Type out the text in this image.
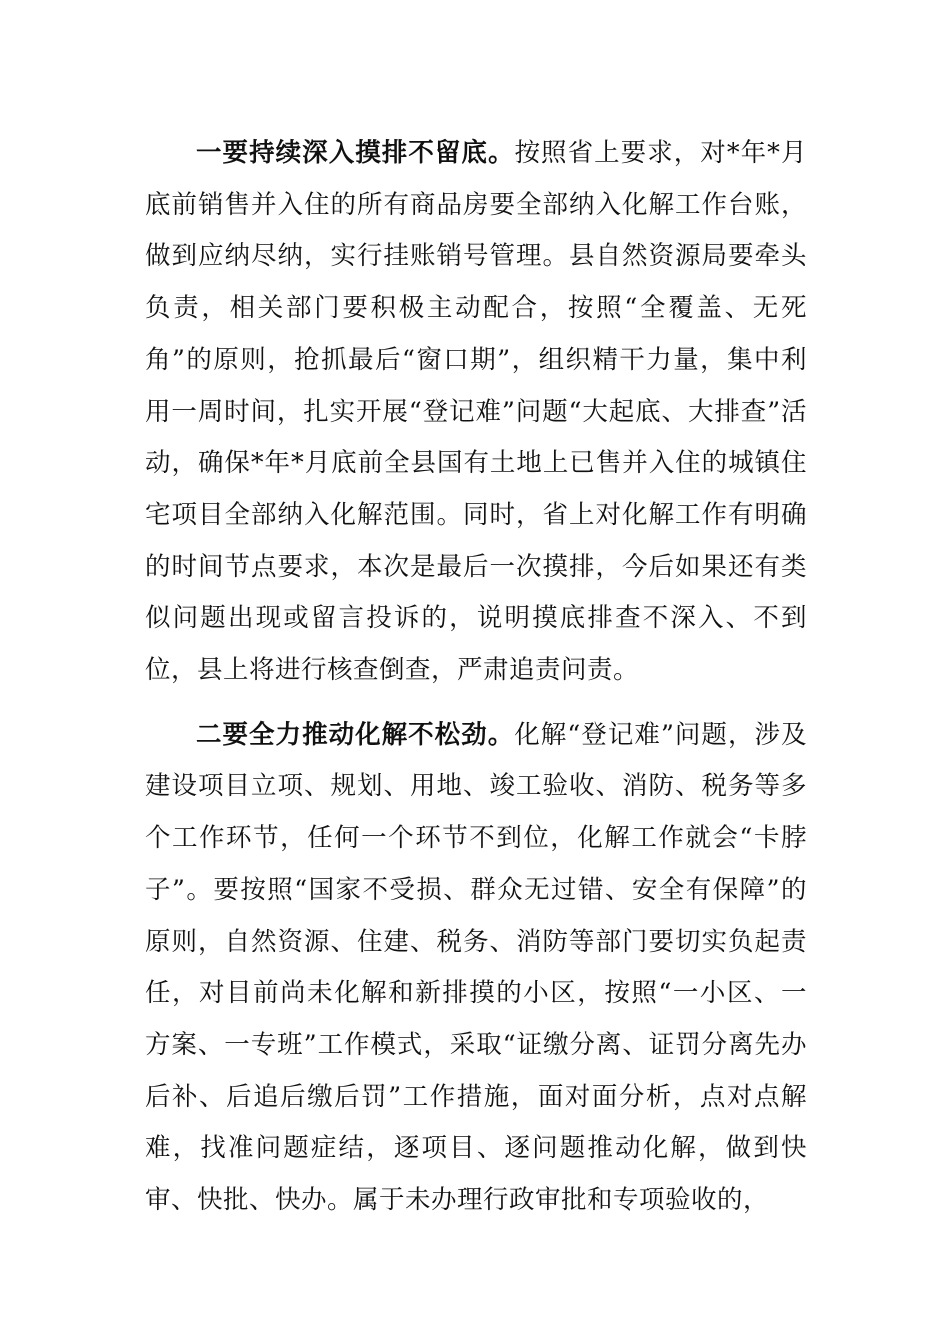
一要持续深入摸排不留底。按照省上要求，对*年*月底前销售并入住的所有商品房要全部纳入化解工作台账，做到应纳尽纳，实行挂账销号管理。县自然资源局要牵头负责，相关部门要积极主动配合，按照“全覆盖、无死角”的原则，抢抓最后“窗口期”，组织精干力量，集中利用一周时间，扎实开展“登记难”问题“大起底、大排查”活动，确保*年*月底前全县国有土地上已售并入住的城镇住宅项目全部纳入化解范围。同时，省上对化解工作有明确的时间节点要求，本次是最后一次摸排，今后如果还有类似问题出现或留言投诉的，说明摸底排查不深入、不到位，县上将进行核查倒查，严肃追责问责。

二要全力推动化解不松劲。化解“登记难”问题，涉及建设项目立项、规划、用地、竣工验收、消防、税务等多个工作环节，任何一个环节不到位，化解工作就会“卡脖子”。要按照“国家不受损、群众无过错、安全有保障”的原则，自然资源、住建、税务、消防等部门要切实负起责任，对目前尚未化解和新排摸的小区，按照“一小区、一方案、一专班”工作模式，采取“证缴分离、证罚分离先办后补、后追后缴后罚”工作措施，面对面分析，点对点解难，找准问题症结，逐项目、逐问题推动化解，做到快审、快批、快办。属于未办理行政审批和专项验收的，
